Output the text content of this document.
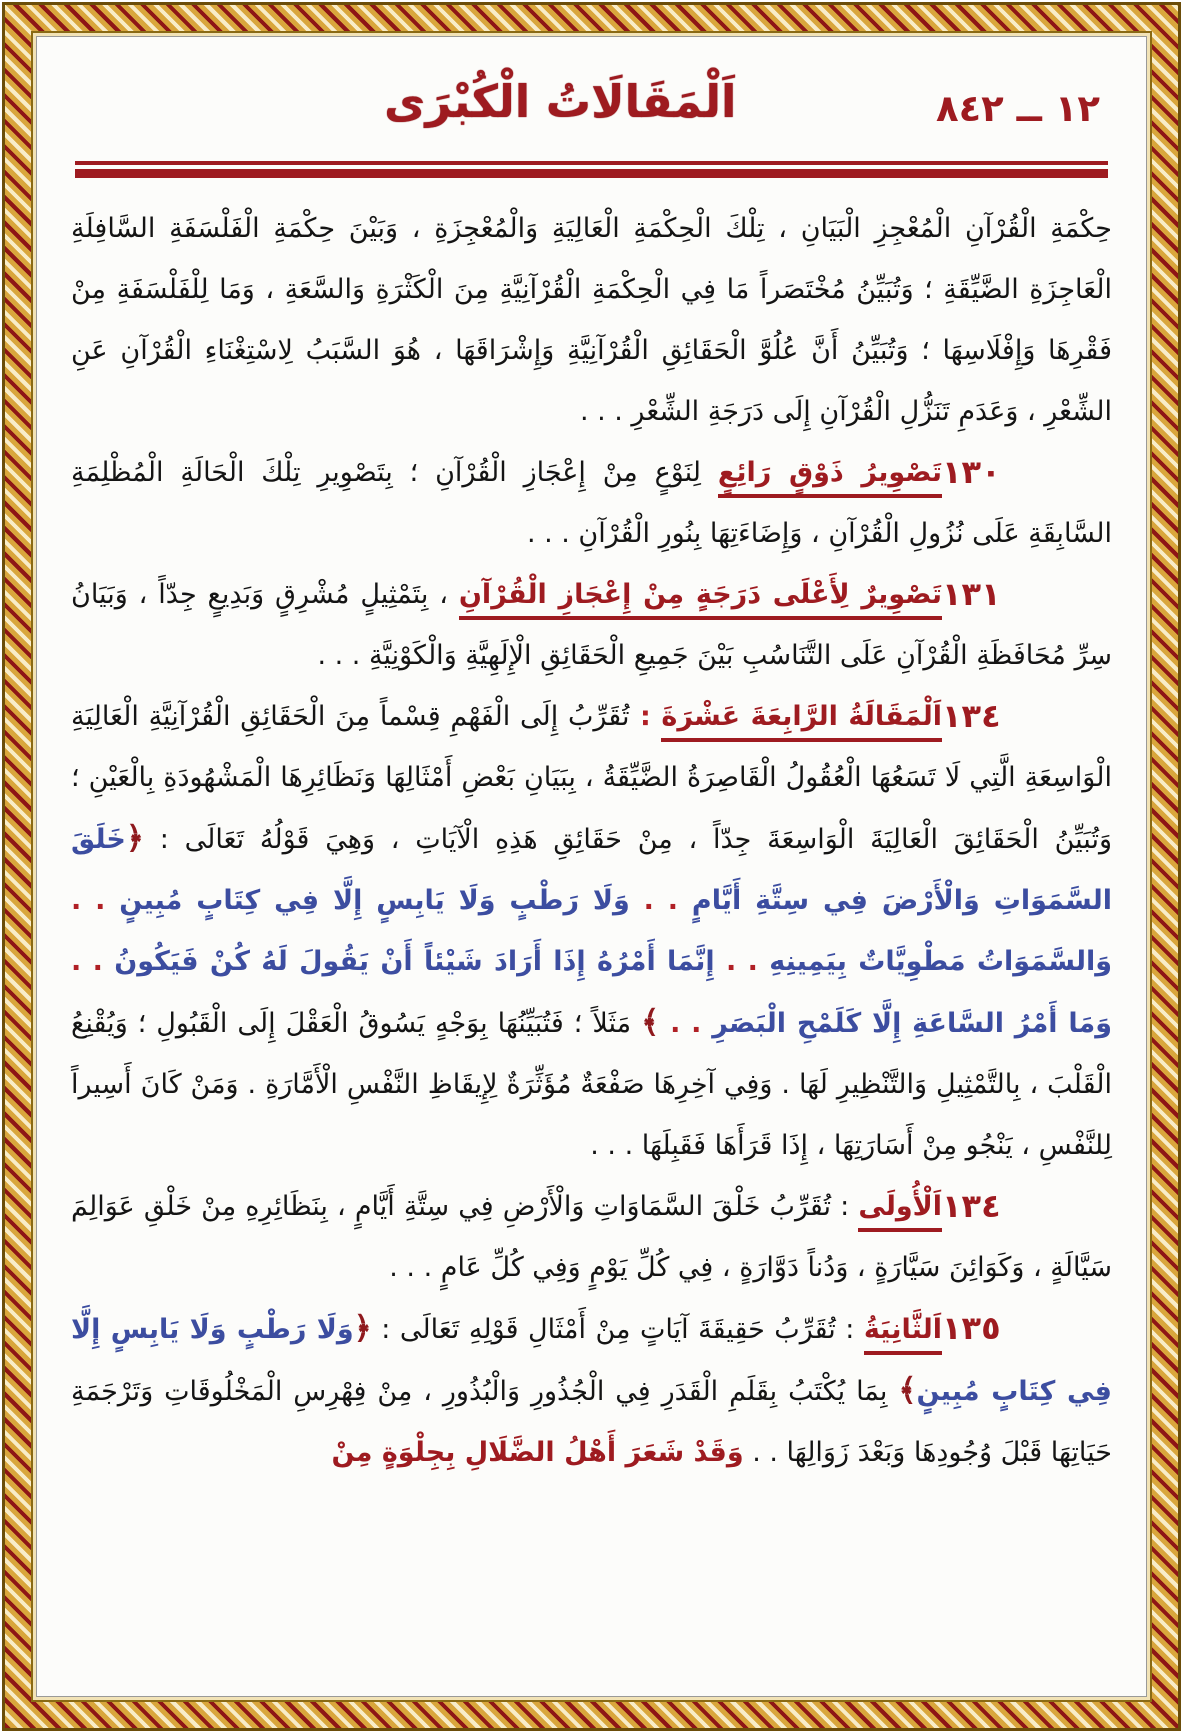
١٢ ــ ٨٤٢
اَلْمَقَالَاتُ الْكُبْرَى
حِكْمَةِ الْقُرْآنِ الْمُعْجِزِ الْبَيَانِ ، تِلْكَ الْحِكْمَةِ الْعَالِيَةِ وَالْمُعْجِزَةِ ، وَبَيْنَ حِكْمَةِ الْفَلْسَفَةِ السَّافِلَةِ الْعَاجِزَةِ الضَّيِّقَةِ ؛ وَتُبَيِّنُ مُخْتَصَراً مَا فِي الْحِكْمَةِ الْقُرْآنِيَّةِ مِنَ الْكَثْرَةِ وَالسَّعَةِ ، وَمَا لِلْفَلْسَفَةِ مِنْ فَقْرِهَا وَإِفْلَاسِهَا ؛ وَتُبَيِّنُ أَنَّ عُلُوَّ الْحَقَائِقِ الْقُرْآنِيَّةِ وَإِشْرَاقَهَا ، هُوَ السَّبَبُ لِاسْتِغْنَاءِ الْقُرْآنِ عَنِ الشِّعْرِ ، وَعَدَمِ تَنَزُّلِ الْقُرْآنِ إِلَى دَرَجَةِ الشِّعْرِ . . .
١٣٠
تَصْوِيرُ ذَوْقٍ رَائِعٍ لِنَوْعٍ مِنْ إِعْجَازِ الْقُرْآنِ ؛ بِتَصْوِيرِ تِلْكَ الْحَالَةِ الْمُظْلِمَةِ السَّابِقَةِ عَلَى نُزُولِ الْقُرْآنِ ، وَإِضَاءَتِهَا بِنُورِ الْقُرْآنِ . . .
١٣١
تَصْوِيرٌ لِأَعْلَى دَرَجَةٍ مِنْ إِعْجَازِ الْقُرْآنِ ، بِتَمْثِيلٍ مُشْرِقٍ وَبَدِيعٍ جِدّاً ، وَبَيَانُ سِرِّ مُحَافَظَةِ الْقُرْآنِ عَلَى التَّنَاسُبِ بَيْنَ جَمِيعِ الْحَقَائِقِ الْإِلَهِيَّةِ وَالْكَوْنِيَّةِ . . .
١٣٤
اَلْمَقَالَةُ الرَّابِعَةَ عَشْرَةَ : تُقَرِّبُ إِلَى الْفَهْمِ قِسْماً مِنَ الْحَقَائِقِ الْقُرْآنِيَّةِ الْعَالِيَةِ الْوَاسِعَةِ الَّتِي لَا تَسَعُهَا الْعُقُولُ الْقَاصِرَةُ الضَّيِّقَةُ ، بِبَيَانِ بَعْضِ أَمْثَالِهَا وَنَظَائِرِهَا الْمَشْهُودَةِ بِالْعَيْنِ ؛ وَتُبَيِّنُ الْحَقَائِقَ الْعَالِيَةَ الْوَاسِعَةَ جِدّاً ، مِنْ حَقَائِقِ هَذِهِ الْآيَاتِ ، وَهِيَ قَوْلُهُ تَعَالَى : ﴿خَلَقَ السَّمَوَاتِ وَالْأَرْضَ فِي سِتَّةِ أَيَّامٍ . . وَلَا رَطْبٍ وَلَا يَابِسٍ إِلَّا فِي كِتَابٍ مُبِينٍ . . وَالسَّمَوَاتُ مَطْوِيَّاتٌ بِيَمِينِهِ . . إِنَّمَا أَمْرُهُ إِذَا أَرَادَ شَيْئاً أَنْ يَقُولَ لَهُ كُنْ فَيَكُونُ . . وَمَا أَمْرُ السَّاعَةِ إِلَّا كَلَمْحِ الْبَصَرِ . . ﴾ مَثَلاً ؛ فَتُبَيِّنُهَا بِوَجْهٍ يَسُوقُ الْعَقْلَ إِلَى الْقَبُولِ ؛ وَيُقْنِعُ الْقَلْبَ ، بِالتَّمْثِيلِ وَالتَّنْظِيرِ لَهَا . وَفِي آخِرِهَا صَفْعَةٌ مُؤَثِّرَةٌ لِإِيقَاظِ النَّفْسِ الْأَمَّارَةِ . وَمَنْ كَانَ أَسِيراً لِلنَّفْسِ ، يَنْجُو مِنْ أَسَارَتِهَا ، إِذَا قَرَأَهَا فَقَبِلَهَا . . .
١٣٤
اَلْأُولَى : تُقَرِّبُ خَلْقَ السَّمَاوَاتِ وَالْأَرْضِ فِي سِتَّةِ أَيَّامٍ ، بِنَظَائِرِهِ مِنْ خَلْقِ عَوَالِمَ سَيَّالَةٍ ، وَكَوَائِنَ سَيَّارَةٍ ، وَدُناً دَوَّارَةٍ ، فِي كُلِّ يَوْمٍ وَفِي كُلِّ عَامٍ . . .
١٣٥
اَلثَّانِيَةُ : تُقَرِّبُ حَقِيقَةَ آيَاتٍ مِنْ أَمْثَالِ قَوْلِهِ تَعَالَى : ﴿وَلَا رَطْبٍ وَلَا يَابِسٍ إِلَّا فِي كِتَابٍ مُبِينٍ﴾ بِمَا يُكْتَبُ بِقَلَمِ الْقَدَرِ فِي الْجُذُورِ وَالْبُذُورِ ، مِنْ فِهْرِسِ الْمَخْلُوقَاتِ وَتَرْجَمَةِ حَيَاتِهَا قَبْلَ وُجُودِهَا وَبَعْدَ زَوَالِهَا . . وَقَدْ شَعَرَ أَهْلُ الضَّلَالِ بِجِلْوَةٍ مِنْ
